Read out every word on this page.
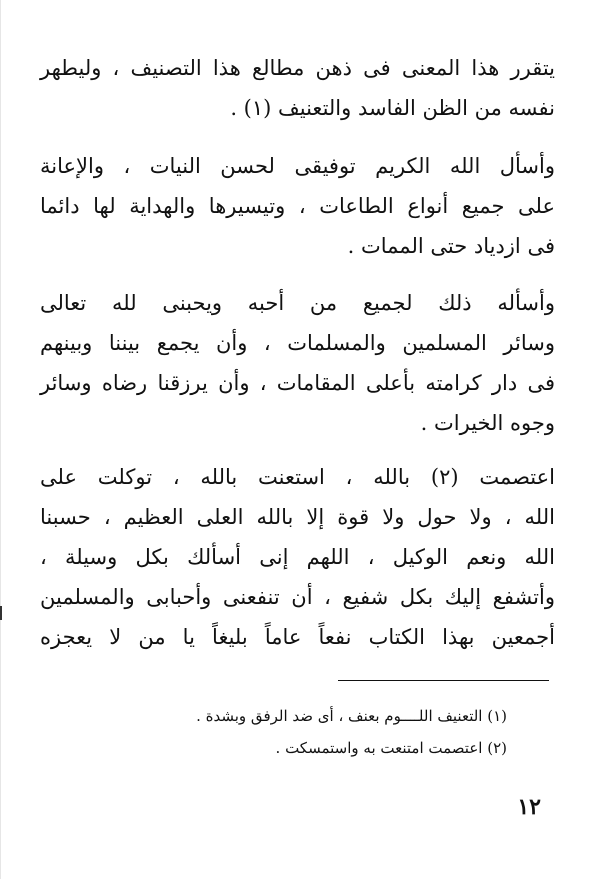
يتقرر هذا المعنى فى ذهن مطالع هذا التصنيف ، وليطهر
نفسه من الظن الفاسد والتعنيف (١) .
وأسأل الله الكريم توفيقى لحسن النيات ، والإعانة
على جميع أنواع الطاعات ، وتيسيرها والهداية لها دائما
فى ازدياد حتى الممات .
وأسأله ذلك لجميع من أحبه ويحبنى لله تعالى
وسائر المسلمين والمسلمات ، وأن يجمع بيننا وبينهم
فى دار كرامته بأعلى المقامات ، وأن يرزقنا رضاه وسائر
وجوه الخيرات .
اعتصمت (٢) بالله ، استعنت بالله ، توكلت على
الله ، ولا حول ولا قوة إلا بالله العلى العظيم ، حسبنا
الله ونعم الوكيل ، اللهم إنى أسألك بكل وسيلة ،
وأتشفع إليك بكل شفيع ، أن تنفعنى وأحبابى والمسلمين
أجمعين بهذا الكتاب نفعاً عاماً بليغاً يا من لا يعجزه
(١) التعنيف اللــــوم بعنف ، أى ضد الرفق وبشدة .
(٢) اعتصمت امتنعت به واستمسكت .
١٢
